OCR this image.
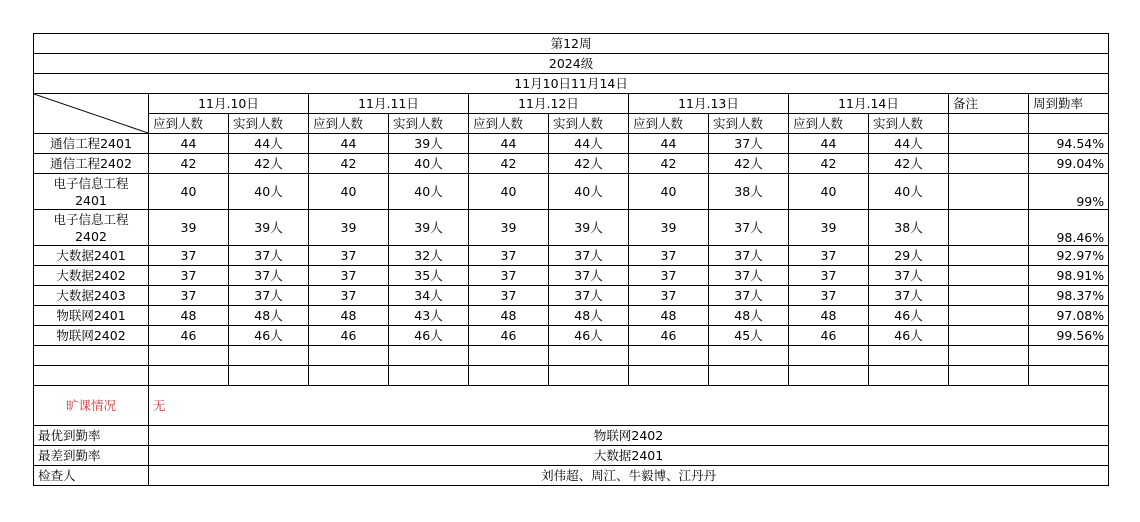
第12周												
2024级												
11月10日11月14日												

	11月.10日		11月.11日		11月.12日		11月.13日		11月.14日		备注	周到勤率
	应到人数	实到人数	应到人数	实到人数	应到人数	实到人数	应到人数	实到人数	应到人数	实到人数		
通信工程2401	44	44人	44	39人	44	44人	44	37人	44	44人		94.54%
通信工程2402	42	42人	42	40人	42	42人	42	42人	42	42人		99.04%
电子信息工程2401	40	40人	40	40人	40	40人	40	38人	40	40人		99%
电子信息工程2402	39	39人	39	39人	39	39人	39	37人	39	38人		98.46%
大数据2401	37	37人	37	32人	37	37人	37	37人	37	29人		92.97%
大数据2402	37	37人	37	35人	37	37人	37	37人	37	37人		98.91%
大数据2403	37	37人	37	34人	37	37人	37	37人	37	37人		98.37%
物联网2401	48	48人	48	43人	48	48人	48	48人	48	46人		97.08%
物联网2402	46	46人	46	46人	46	46人	46	45人	46	46人		99.56%

旷课情况	无											
最优到勤率	物联网2402											
最差到勤率	大数据2401											
检查人	刘伟超、周江、牛毅博、江丹丹											
